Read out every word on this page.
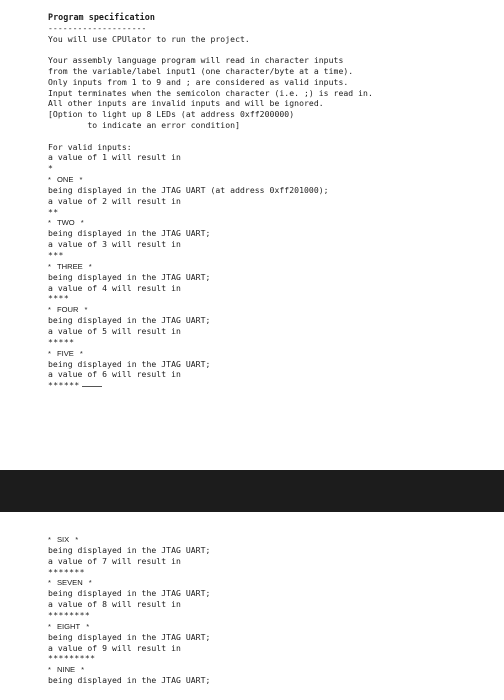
Program specification
--------------------
You will use CPUlator to run the project.
Your assembly language program will read in character inputs
from the variable/label input1 (one character/byte at a time).
Only inputs from 1 to 9 and ; are considered as valid inputs.
Input terminates when the semicolon character (i.e. ;) is read in.
All other inputs are invalid inputs and will be ignored.
[Option to light up 8 LEDs (at address 0xff200000)
to indicate an error condition]
For valid inputs:
a value of 1 will result in
*
* ONE *
being displayed in the JTAG UART (at address 0xff201000);
a value of 2 will result in
**
* TWO *
being displayed in the JTAG UART;
a value of 3 will result in
***
* THREE *
being displayed in the JTAG UART;
a value of 4 will result in
****
* FOUR *
being displayed in the JTAG UART;
a value of 5 will result in
*****
* FIVE *
being displayed in the JTAG UART;
a value of 6 will result in
******
* SIX *
being displayed in the JTAG UART;
a value of 7 will result in
*******
* SEVEN *
being displayed in the JTAG UART;
a value of 8 will result in
********
* EIGHT *
being displayed in the JTAG UART;
a value of 9 will result in
*********
* NINE *
being displayed in the JTAG UART;
